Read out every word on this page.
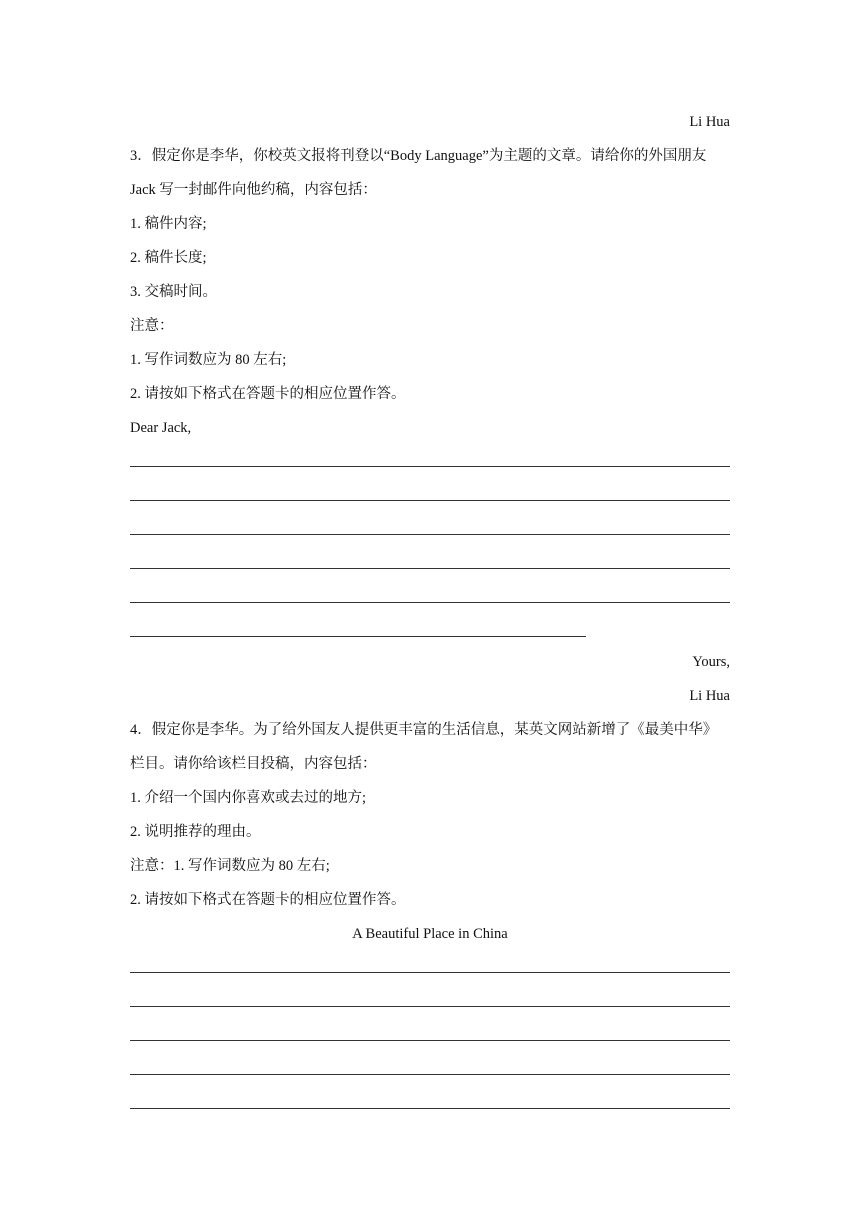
Li Hua
3．假定你是李华，你校英文报将刊登以“Body Language”为主题的文章。请给你的外国朋友
Jack 写一封邮件向他约稿，内容包括：
1. 稿件内容;
2. 稿件长度;
3. 交稿时间。
注意：
1. 写作词数应为 80 左右;
2. 请按如下格式在答题卡的相应位置作答。
Dear Jack,
Yours,
Li Hua
4．假定你是李华。为了给外国友人提供更丰富的生活信息，某英文网站新增了《最美中华》
栏目。请你给该栏目投稿，内容包括：
1. 介绍一个国内你喜欢或去过的地方;
2. 说明推荐的理由。
注意：1. 写作词数应为 80 左右;
2. 请按如下格式在答题卡的相应位置作答。
A Beautiful Place in China
